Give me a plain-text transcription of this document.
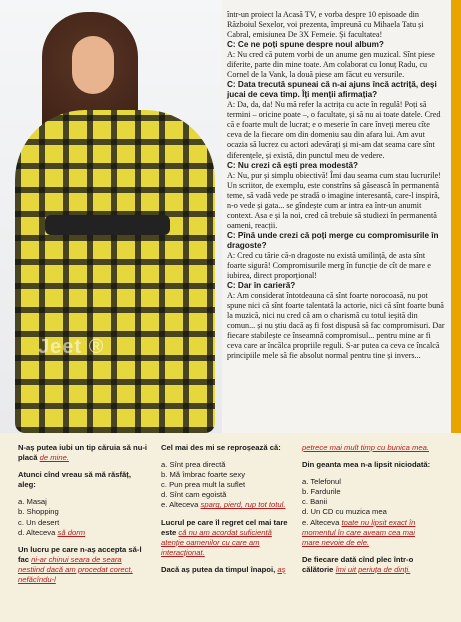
Jeet ®

într-un proiect la Acasă TV, e vorba despre 10 episoade din Războiul Sexelor, voi prezenta, împreună cu Mihaela Tatu și Cabral, emisiunea De 3X Femeie. Și facultatea!

C: Ce ne poți spune despre noul album?

A: Nu cred că putem vorbi de un anume gen muzical. Sînt piese diferite, parte din mine toate. Am colaborat cu Ionuț Radu, cu Cornel de la Vank, la două piese am făcut eu versurile.

C: Data trecută spuneai că n-ai ajuns încă actriță, deși jucai de ceva timp. Îți menții afirmația?

A: Da, da, da! Nu mă refer la actrița cu acte în regulă! Poți să termini – oricine poate –, o facultate, și să nu ai toate datele. Cred că e foarte mult de lucrat; e o meserie în care înveți mereu cîte ceva de la fiecare om din domeniu sau din afara lui. Am avut ocazia să lucrez cu actori adevărați și mi-am dat seama care sînt diferențele, și există, din punctul meu de vedere.

C: Nu crezi că ești prea modestă?

A: Nu, pur și simplu obiectivă! Îmi dau seama cum stau lucrurile! Un scriitor, de exemplu, este constrîns să găsească în permanentă teme, să vadă vede pe stradă o imagine interesantă, care-l inspiră, n-o vede și gata... se gîndește cum ar intra ea într-un anumit context. Asa e și la noi, cred că trebuie să studiezi în permanentă oameni, reacții.

C: Pînă unde crezi că poți merge cu compromisurile în dragoste?

A: Cred cu tărie că-n dragoste nu există umilință, de asta sînt foarte sigură! Compromisurile merg în funcție de cît de mare e iubirea, direct proporțional!

C: Dar în carieră?

A: Am considerat întotdeauna că sînt foarte norocoasă, nu pot spune nici că sînt foarte talentată la actorie, nici că sînt foarte bună la muzică, nici nu cred că am o charismă cu totul ieșită din comun... și nu știu dacă aș fi fost dispusă să fac compromisuri. Dar fiecare stabilește ce înseamnă compromisul... pentru mine ar fi ceva care ar încălca propriile reguli. S-ar putea ca ceva ce încalcă principiile mele să fie absolut normal pentru tine și invers...

N-aș putea iubi un tip căruia să nu-i placă de mine.

Atunci cînd vreau să mă răsfăț, aleg:

a. Masaj
b. Shopping
c. Un desert
d. Alteceva să dorm

Un lucru pe care n-aș accepta să-l fac ni-ar chinui seara de seara nestiind dacă am procedat corect, nefăcîndu-l

Cel mai des mi se reproșează că:

a. Sînt prea directă
b. Mă îmbrac foarte sexy
c. Pun prea mult la suflet
d. Sînt cam egoistă
e. Alteceva sparg, pierd, rup tot totul.

Lucrul pe care îl regret cel mai tare este că nu am acordat suficientă atenție oamenilor cu care am interacționat.

Dacă aș putea da timpul înapoi, aș

petrece mai mult timp cu bunica mea.

Din geanta mea n-a lipsit niciodată:

a. Telefonul
b. Fardurile
c. Banii
d. Un CD cu muzica mea
e. Alteceva toate nu lipsit exact în momentul în care aveam cea mai mare nevoie de ele.

De fiecare dată cînd plec într-o călătorie îmi uit periuța de dinți.
